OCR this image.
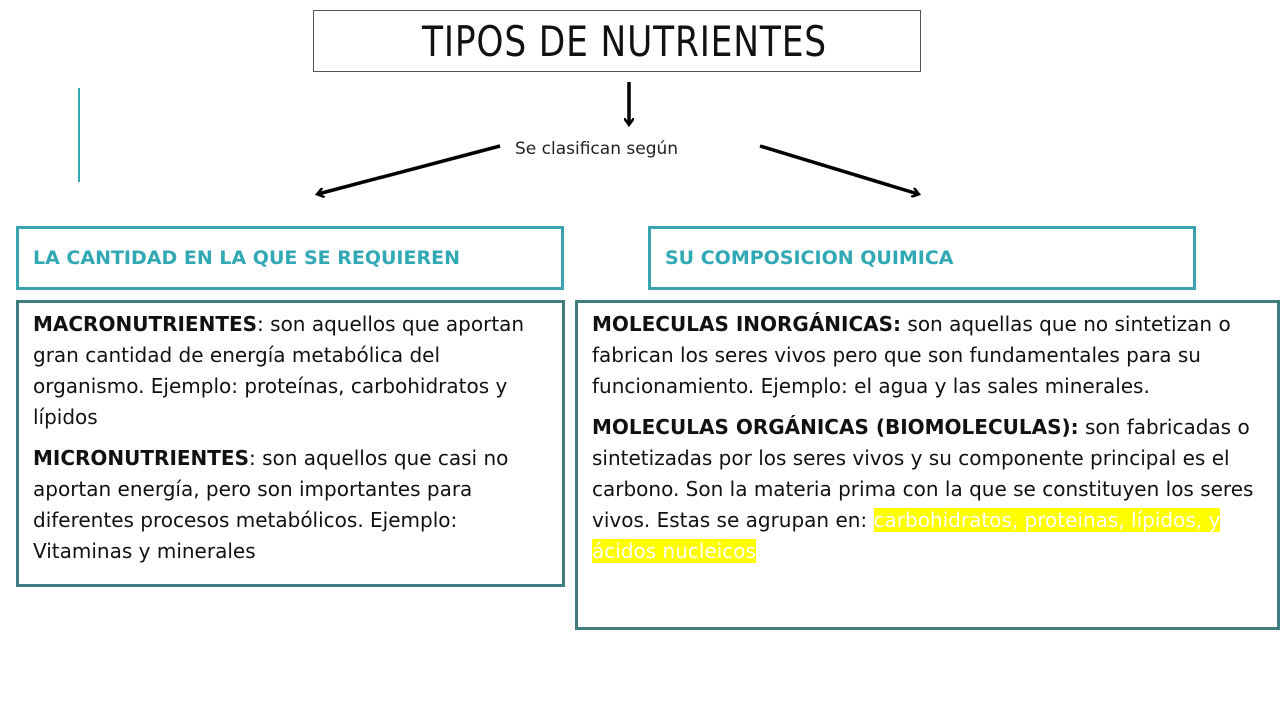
TIPOS DE NUTRIENTES
Se clasifican según
LA CANTIDAD EN LA QUE SE REQUIEREN	SU COMPOSICION QUIMICA

MACRONUTRIENTES: son aquellos que aportan gran cantidad de energía metabólica del organismo. Ejemplo: proteínas, carbohidratos y lípidos

MICRONUTRIENTES: son aquellos que casi no aportan energía, pero son importantes para diferentes procesos metabólicos. Ejemplo: Vitaminas y minerales

MOLECULAS INORGÁNICAS: son aquellas que no sintetizan o fabrican los seres vivos pero que son fundamentales para su funcionamiento. Ejemplo: el agua y las sales minerales.

MOLECULAS ORGÁNICAS (BIOMOLECULAS): son fabricadas o sintetizadas por los seres vivos y su componente principal es el carbono. Son la materia prima con la que se constituyen los seres vivos. Estas se agrupan en: carbohidratos, proteinas, lípidos, y ácidos nucleicos
